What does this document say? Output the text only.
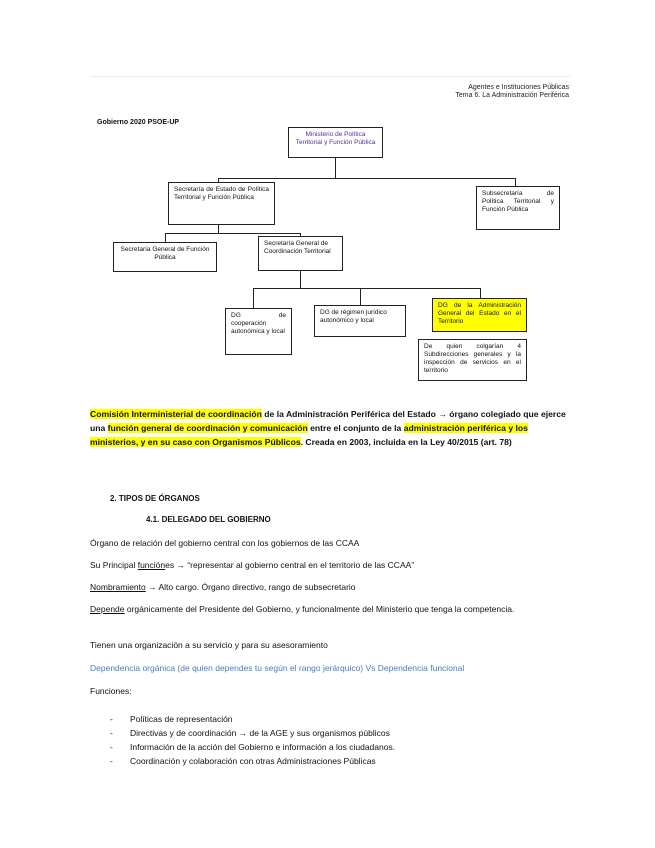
Agentes e Instituciones Públicas
Tema 6. La Administración Periférica
Gobierno 2020 PSOE-UP
Ministerio de Política Territorial y Función Pública
Secretaría de Estado de Política Territorial y Función Pública
Subsecretaría de Política Territorial y Función Pública
Secretaría General de Función Pública
Secretaría General de Coordinación Territorial
DG de cooperación autonómica y local
DG de régimen jurídico autonómico y local
DG de la Administración General del Estado en el Territorio
De quien colgarían 4 Subdirecciones generales y la inspección de servicios en el territorio
Comisión Interministerial de coordinación de la Administración Periférica del Estado → órgano colegiado que ejerce una función general de coordinación y comunicación entre el conjunto de la administración periférica y los ministerios, y en su caso con Organismos Públicos. Creada en 2003, incluida en la Ley 40/2015 (art. 78)
2. TIPOS DE ÓRGANOS
4.1. DELEGADO DEL GOBIERNO
Órgano de relación del gobierno central con los gobiernos de las CCAA
Su Principal funciónes → “representar al gobierno central en el territorio de las CCAA”
Nombramiento → Alto cargo. Órgano directivo, rango de subsecretario
Depende orgánicamente del Presidente del Gobierno, y funcionalmente del Ministerio que tenga la competencia.
Tienen una organización a su servicio y para su asesoramiento
Dependencia orgánica (de quien dependes tu según el rango jerárquico) Vs Dependencia funcional
Funciones:
- Políticas de representación
- Directivas y de coordinación → de la AGE y sus organismos públicos
- Información de la acción del Gobierno e información a los ciudadanos.
- Coordinación y colaboración con otras Administraciones Públicas
